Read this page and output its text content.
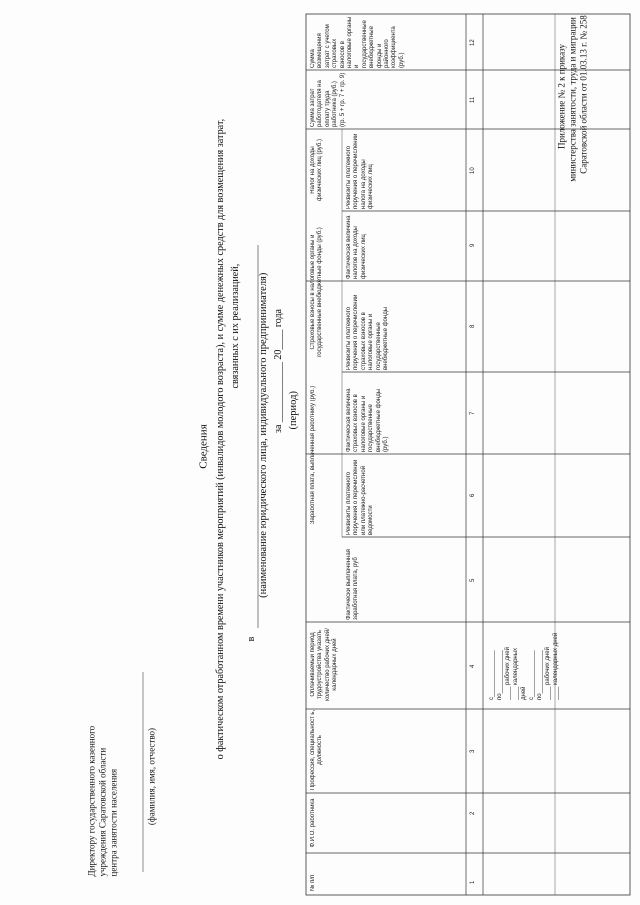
Приложение № 2 к приказу министерства занятости, труда и миграции Саратовской области от 01.03.13 г. № 258
Сведения о фактическом отработанном времени участников мероприятий (инвалидов молодого возраста), и сумме денежных средств для возмещения затрат, связанных с их реализацией,
в
(наименование юридического лица, индивидуального предпринимателя) за ____________ 20____ года (период)
Директору государственного казенного учреждения Саратовской области центра занятости населения	(фамилия, имя, отчество)
Налог на доходы физических лиц (руб.)
Страховые взносы в налоговые органы и государственные внебюджетные фонды (руб.)
Заработная плата, выплаченная работнику (руб.)
№ п/п
Ф.И.О. работника
Профессия, специальност ь, должность
Оплачиваемый период трудоустройства указать количество рабочих дней/календарных дней
Фактически выплаченная заработная плата, руб
Реквизиты платежного поручения о перечислении или платежно-расчетной ведомости
Фактическая величина страховых взносов в налоговые органы и государственные внебюджетные фонды (руб.)
Реквизиты платежного поручения о перечислении страховых взносов в налоговые органы и государственные внебюджетные фонды
Фактическая величина налогов на доходы физических лиц
Реквизиты платежного поручения о перечислении налога на доходы физических лиц
Сумма затрат работодателя на оплату труда работника (руб.) (гр. 5 + гр. 7 + гр. 9)
Сумма возмещения затрат с учетом страховых взносов в налоговые органы и государственные внебюджетные фонды и районного коэффициента (руб.)
1
2
3
4
5
6
7
8
9
10
11
12
с______________ по_____________ ____ рабочих дней ____ календарных дней с______________ по_____________ ____ рабочих дней ____ календарных дней
